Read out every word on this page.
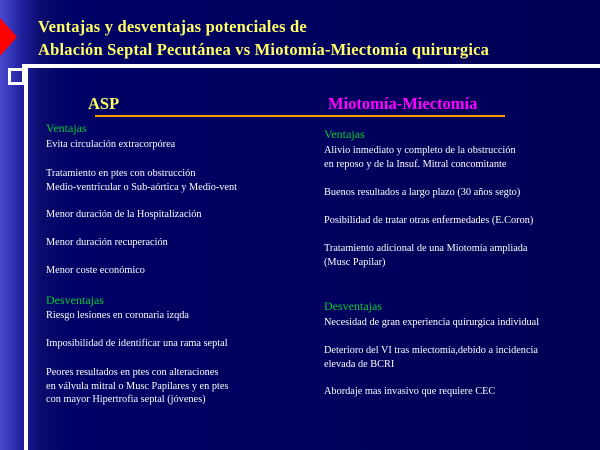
Ventajas y desventajas potenciales de
Ablación Septal Pecutánea vs Miotomía-Miectomía quirurgica
ASP	Miotomía-Miectomía
Ventajas
Evita circulación extracorpórea
Tratamiento en ptes con obstrucción
Medio-ventricular o Sub-aórtica y Medio-vent
Menor duración de la Hospitalización
Menor duración recuperación
Menor coste económico
Desventajas
Riesgo lesiones en coronaria izqda
Imposibilidad de identificar una rama septal
Peores resultados en ptes con alteraciones
en válvula mitral o Musc Papilares y en ptes
con mayor Hipertrofia septal (jóvenes)
Ventajas
Alivio inmediato y completo de la obstrucción
en reposo y de la Insuf. Mitral concomitante
Buenos resultados a largo plazo (30 años segto)
Posibilidad de tratar otras enfermedades (E.Coron)
Tratamiento adicional de una Miotomía ampliada
(Musc Papilar)
Desventajas
Necesidad de gran experiencia quirurgica individual
Deterioro del VI tras miectomía,debido a incidencia
elevada de BCRI
Abordaje mas invasivo que requiere CEC
